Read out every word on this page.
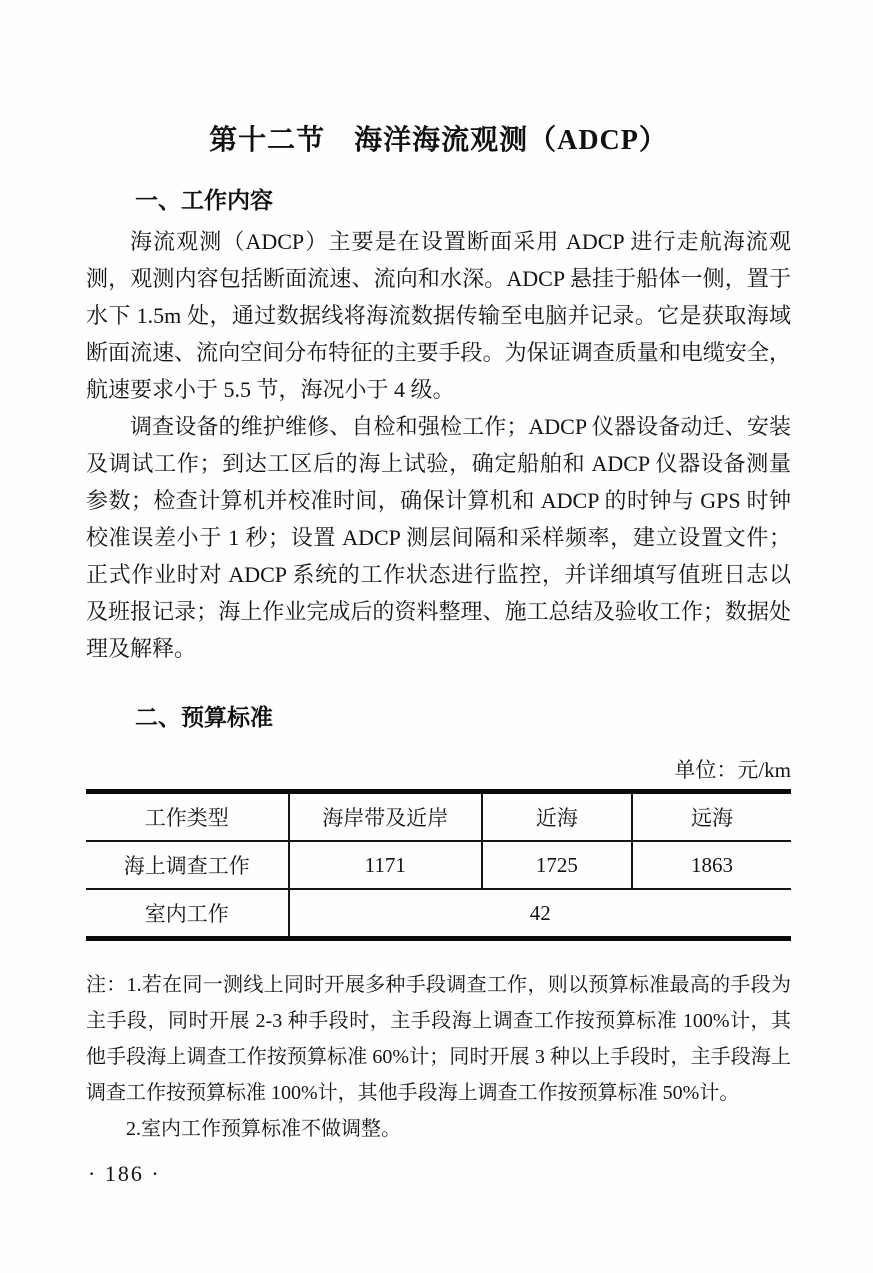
第十二节　海洋海流观测（ADCP）
一、工作内容

海流观测（ADCP）主要是在设置断面采用 ADCP 进行走航海流观测，观测内容包括断面流速、流向和水深。ADCP 悬挂于船体一侧，置于水下 1.5m 处，通过数据线将海流数据传输至电脑并记录。它是获取海域断面流速、流向空间分布特征的主要手段。为保证调查质量和电缆安全，航速要求小于 5.5 节，海况小于 4 级。

调查设备的维护维修、自检和强检工作；ADCP 仪器设备动迁、安装及调试工作；到达工区后的海上试验，确定船舶和 ADCP 仪器设备测量参数；检查计算机并校准时间，确保计算机和 ADCP 的时钟与 GPS 时钟校准误差小于 1 秒；设置 ADCP 测层间隔和采样频率，建立设置文件；正式作业时对 ADCP 系统的工作状态进行监控，并详细填写值班日志以及班报记录；海上作业完成后的资料整理、施工总结及验收工作；数据处理及解释。

二、预算标准
单位：元/km
工作类型	海岸带及近岸	近海	远海
海上调查工作	1171	1725	1863
室内工作	42		

注：1.若在同一测线上同时开展多种手段调查工作，则以预算标准最高的手段为主手段，同时开展 2-3 种手段时，主手段海上调查工作按预算标准 100%计，其他手段海上调查工作按预算标准 60%计；同时开展 3 种以上手段时，主手段海上调查工作按预算标准 100%计，其他手段海上调查工作按预算标准 50%计。

2.室内工作预算标准不做调整。

· 186 ·
